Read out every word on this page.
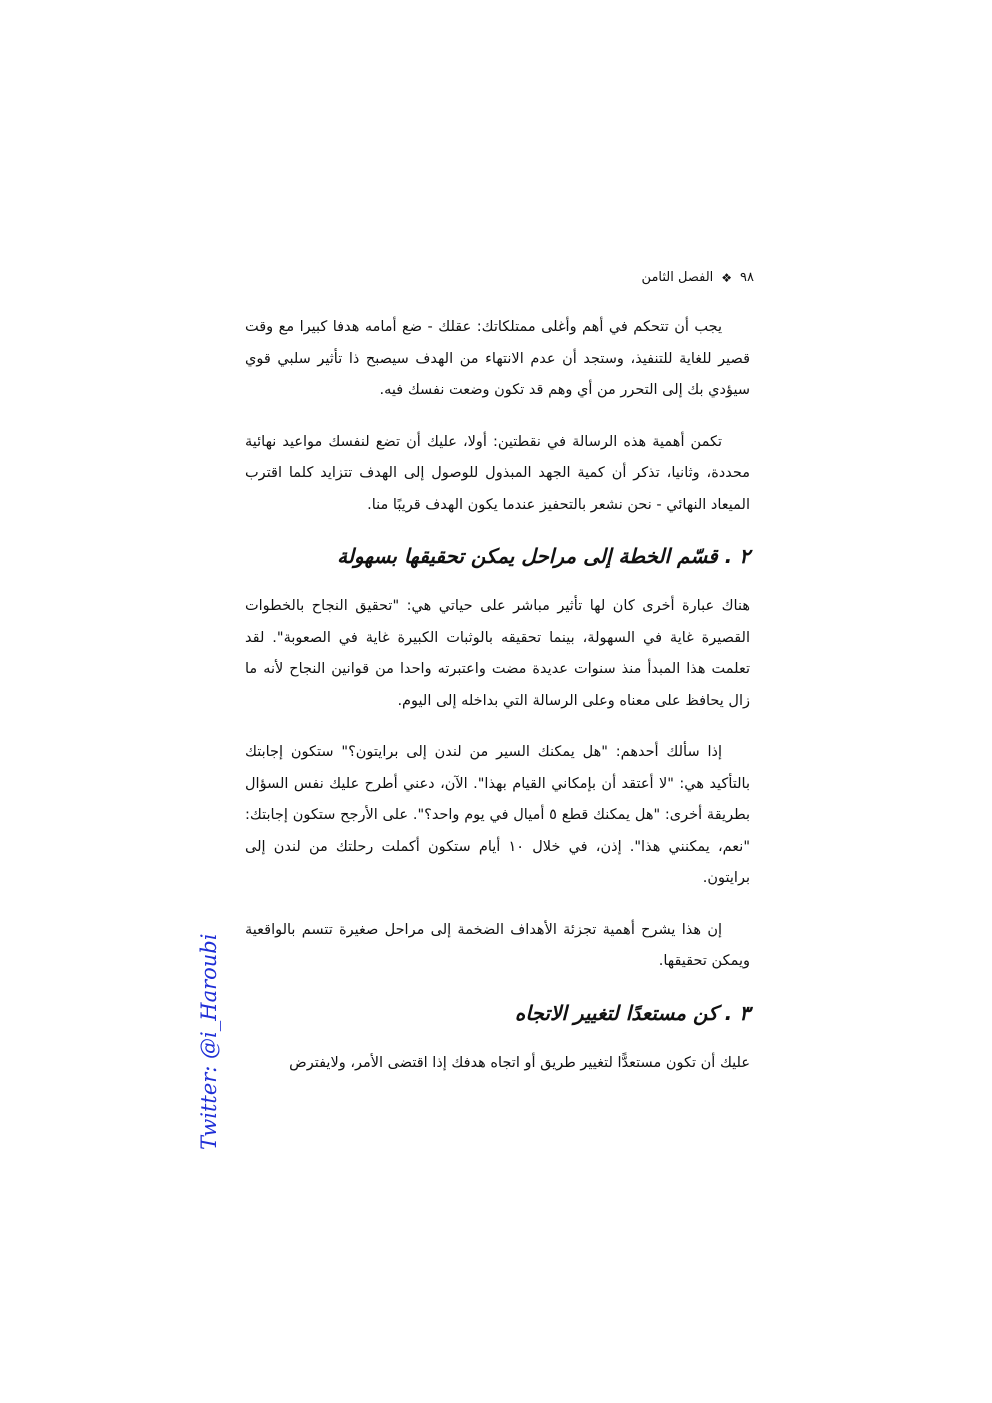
٩٨
❖
الفصل الثامن

يجب أن تتحكم في أهم وأغلى ممتلكاتك: عقلك - ضع أمامه هدفا كبيرا مع وقت قصير للغاية للتنفيذ، وستجد أن عدم الانتهاء من الهدف سيصبح ذا تأثير سلبي قوي سيؤدي بك إلى التحرر من أي وهم قد تكون وضعت نفسك فيه.

تكمن أهمية هذه الرسالة في نقطتين: أولا، عليك أن تضع لنفسك مواعيد نهائية محددة، وثانيا، تذكر أن كمية الجهد المبذول للوصول إلى الهدف تتزايد كلما اقترب الميعاد النهائي - نحن نشعر بالتحفيز عندما يكون الهدف قريبًا منا.

٢ . قسّم الخطة إلى مراحل يمكن تحقيقها بسهولة

هناك عبارة أخرى كان لها تأثير مباشر على حياتي هي: "تحقيق النجاح بالخطوات القصيرة غاية في السهولة، بينما تحقيقه بالوثبات الكبيرة غاية في الصعوبة". لقد تعلمت هذا المبدأ منذ سنوات عديدة مضت واعتبرته واحدا من قوانين النجاح لأنه ما زال يحافظ على معناه وعلى الرسالة التي بداخله إلى اليوم.

إذا سألك أحدهم: "هل يمكنك السير من لندن إلى برايتون؟" ستكون إجابتك بالتأكيد هي: "لا أعتقد أن بإمكاني القيام بهذا". الآن، دعني أطرح عليك نفس السؤال بطريقة أخرى: "هل يمكنك قطع ٥ أميال في يوم واحد؟". على الأرجح ستكون إجابتك: "نعم، يمكنني هذا". إذن، في خلال ١٠ أيام ستكون أكملت رحلتك من لندن إلى برايتون.

إن هذا يشرح أهمية تجزئة الأهداف الضخمة إلى مراحل صغيرة تتسم بالواقعية ويمكن تحقيقها.

٣ . كن مستعدًا لتغيير الاتجاه

عليك أن تكون مستعدًّا لتغيير طريق أو اتجاه هدفك إذا اقتضى الأمر، ولايفترض

Twitter: @i_Haroubi
